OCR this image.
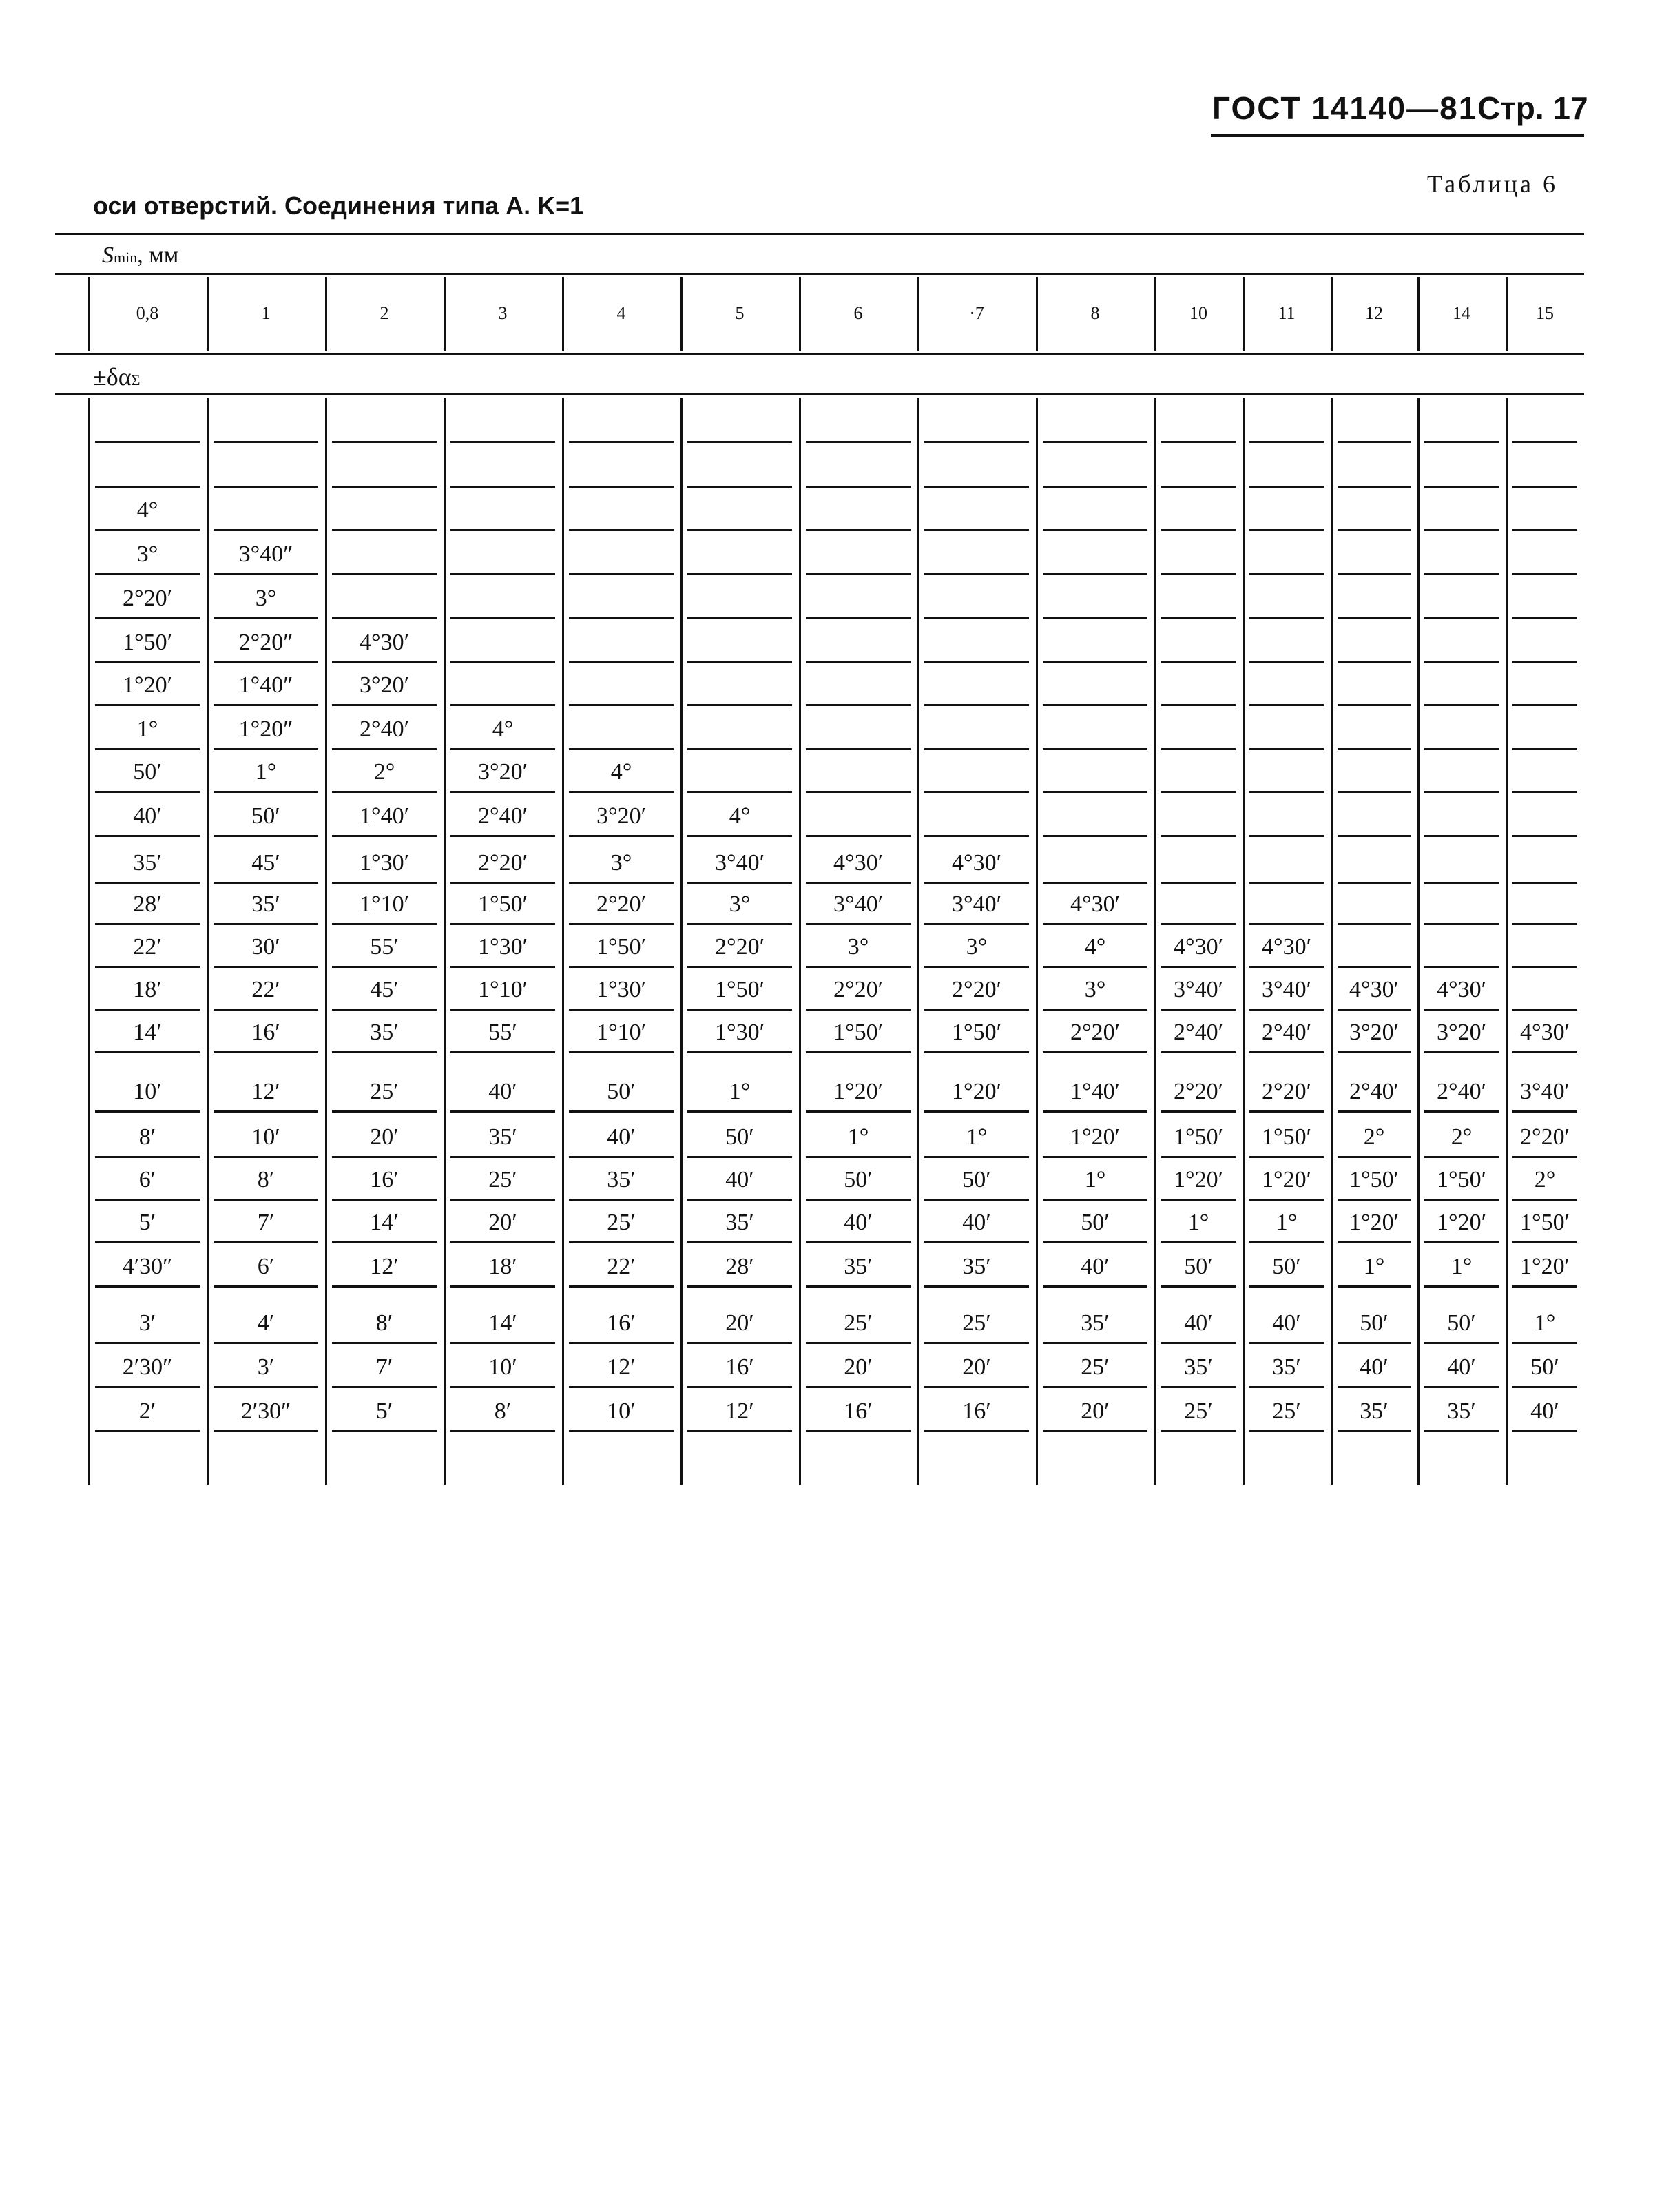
ГОСТ 14140—81 Стр. 17
Таблица 6
оси отверстий. Соединения типа А. K=1
Smin, мм
0,8	1	2	3	4	5	6	·7	8	10	11	12	14	15
±δαΣ
4°
3°	3°40″
2°20′	3°
1°50′	2°20″	4°30′
1°20′	1°40″	3°20′
1°	1°20″	2°40′	4°
50′	1°	2°	3°20′	4°
40′	50′	1°40′	2°40′	3°20′	4°
35′	45′	1°30′	2°20′	3°	3°40′	4°30′	4°30′
28′	35′	1°10′	1°50′	2°20′	3°	3°40′	3°40′	4°30′
22′	30′	55′	1°30′	1°50′	2°20′	3°	3°	4°	4°30′ 4°30′
18′	22′	45′	1°10′	1°30′	1°50′	2°20′	2°20′	3°	3°40′ 3°40′ 4°30′ 4°30′
14′	16′	35′	55′	1°10′	1°30′	1°50′	1°50′	2°20′ 2°40′ 2°40′ 3°20′ 3°20′ 4°30′
10′	12′	25′	40′	50′	1°	1°20′	1°20′	1°40′ 2°20′ 2°20′ 2°40′ 2°40′ 3°40′
8′	10′	20′	35′	40′	50′	1°	1°	1°20′ 1°50′ 1°50′ 2°	2° 2°20′
6′	8′	16′	25′	35′	40′	50′	50′	1°	1°20′ 1°20′ 1°50′ 1°50′ 2°
5′	7′	14′	20′	25′	35′	40′	40′	50′	1°	1° 1°20′ 1°20′ 1°50′
4′30″	6′	12′	18′	22′	28′	35′	35′	40′	50′	50′	1°	1° 1°20′
3′	4′	8′	14′	16′	20′	25′	25′	35′	40′	40′	50′	50′ 1°
2′30″	3′	7′	10′	12′	16′	20′	20′	25′	35′	35′	40′	40′ 50′
2′	2′30″	5′	8′	10′	12′	16′	16′	20′	25′	25′	35′	35′ 40′
